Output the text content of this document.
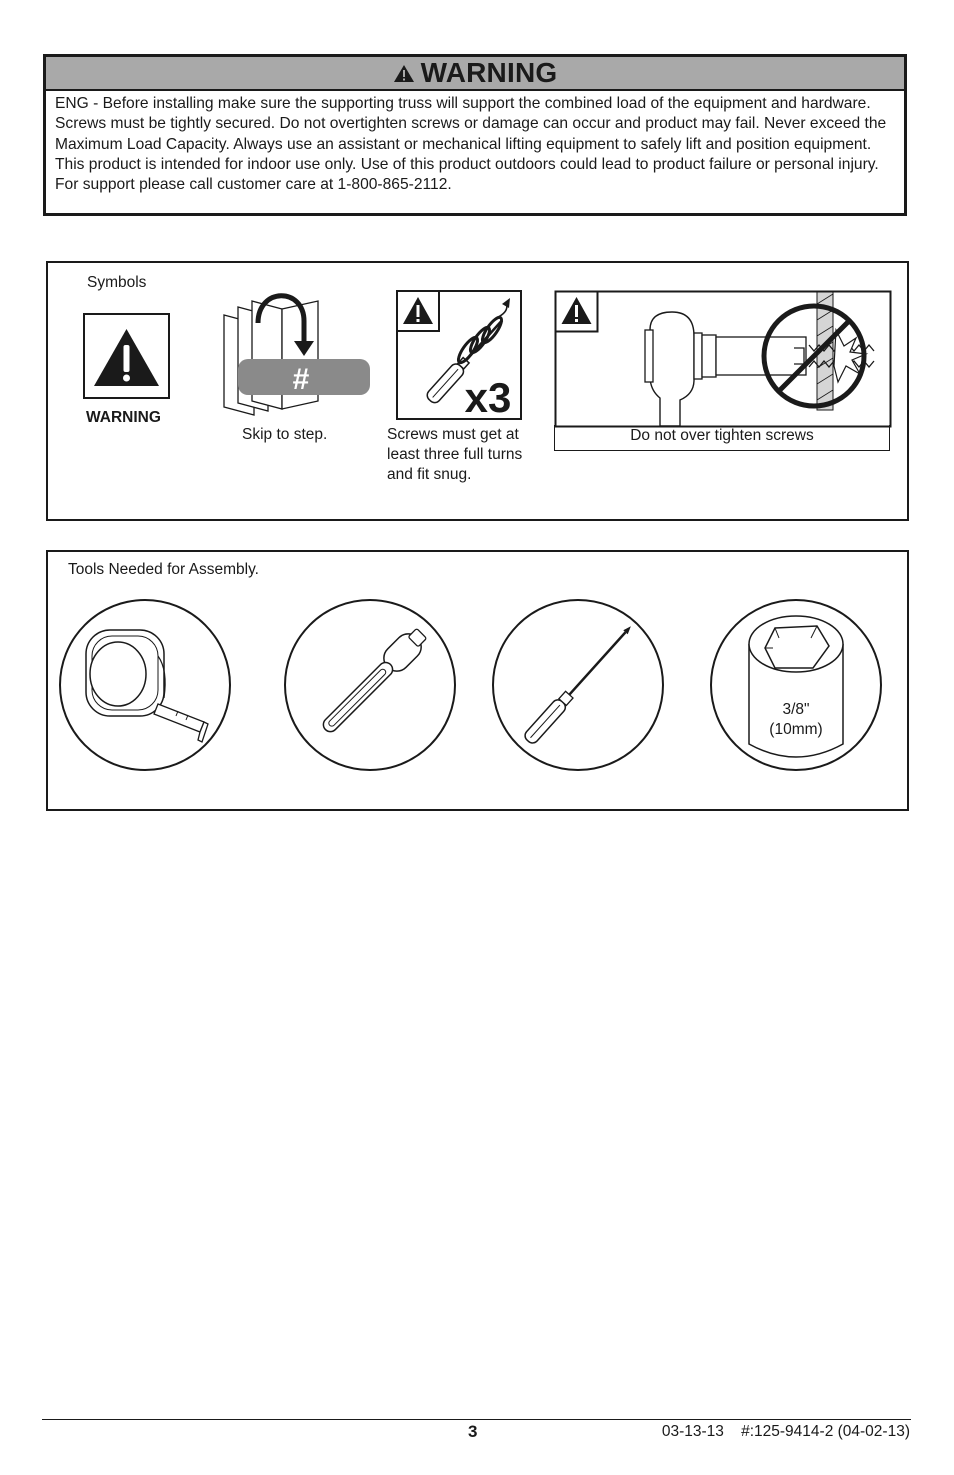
WARNING
ENG - Before installing make sure the supporting truss will support the combined load of the equipment and hardware. Screws must be tightly secured. Do not overtighten screws or damage can occur and product may fail. Never exceed the Maximum Load Capacity. Always use an assistant or mechanical lifting equipment to safely lift and position equipment. This product is intended for indoor use only. Use of this product outdoors could lead to product failure or personal injury. For support please call customer care at 1-800-865-2112.
Symbols
WARNING
#
Skip to step.
x3
Screws must get at
least three full turns
and fit snug.
Do not over tighten screws
Tools Needed for Assembly.
3/8"
(10mm)
3	03-13-13    #:125-9414-2 (04-02-13)
